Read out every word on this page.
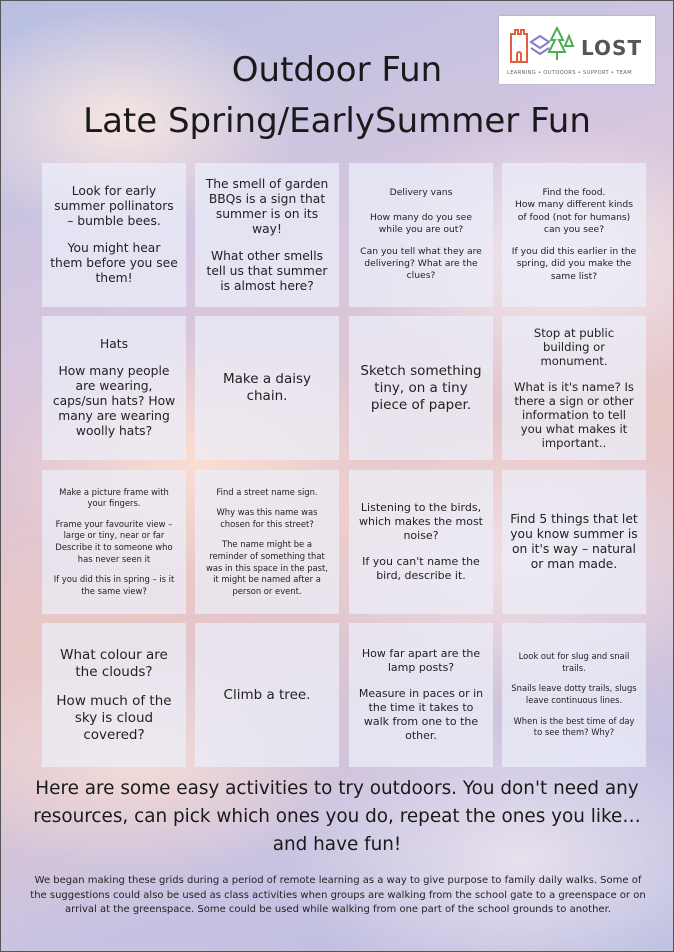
LOST
LEARNING • OUTDOORS • SUPPORT • TEAM
Outdoor Fun
Late Spring/EarlySummer Fun

Look for early summer pollinators – bumble bees.

You might hear them before you see them!

The smell of garden BBQs is a sign that summer is on its way!

What other smells tell us that summer is almost here?

Delivery vans

How many do you see while you are out?

Can you tell what they are delivering? What are the clues?

Find the food.
How many different kinds of food (not for humans) can you see?

If you did this earlier in the spring, did you make the same list?

Hats

How many people are wearing, caps/sun hats? How many are wearing woolly hats?

Make a daisy chain.

Sketch something tiny, on a tiny piece of paper.

Stop at public building or monument.

What is it's name? Is there a sign or other information to tell you what makes it important..

Make a picture frame with your fingers.

Frame your favourite view – large or tiny, near or far Describe it to someone who has never seen it

If you did this in spring – is it the same view?

Find a street name sign.

Why was this name was chosen for this street?

The name might be a reminder of something that was in this space in the past, it might be named after a person or event.

Listening to the birds, which makes the most noise?

If you can't name the bird, describe it.

Find 5 things that let you know summer is on it's way – natural or man made.

What colour are the clouds?

How much of the sky is cloud covered?

Climb a tree.

How far apart are the lamp posts?

Measure in paces or in the time it takes to walk from one to the other.

Look out for slug and snail trails.

Snails leave dotty trails, slugs leave continuous lines.

When is the best time of day to see them? Why?

Here are some easy activities to try outdoors. You don't need any resources, can pick which ones you do, repeat the ones you like…and have fun!
We began making these grids during a period of remote learning as a way to give purpose to family daily walks. Some of the suggestions could also be used as class activities when groups are walking from the school gate to a greenspace or on arrival at the greenspace. Some could be used while walking from one part of the school grounds to another.
